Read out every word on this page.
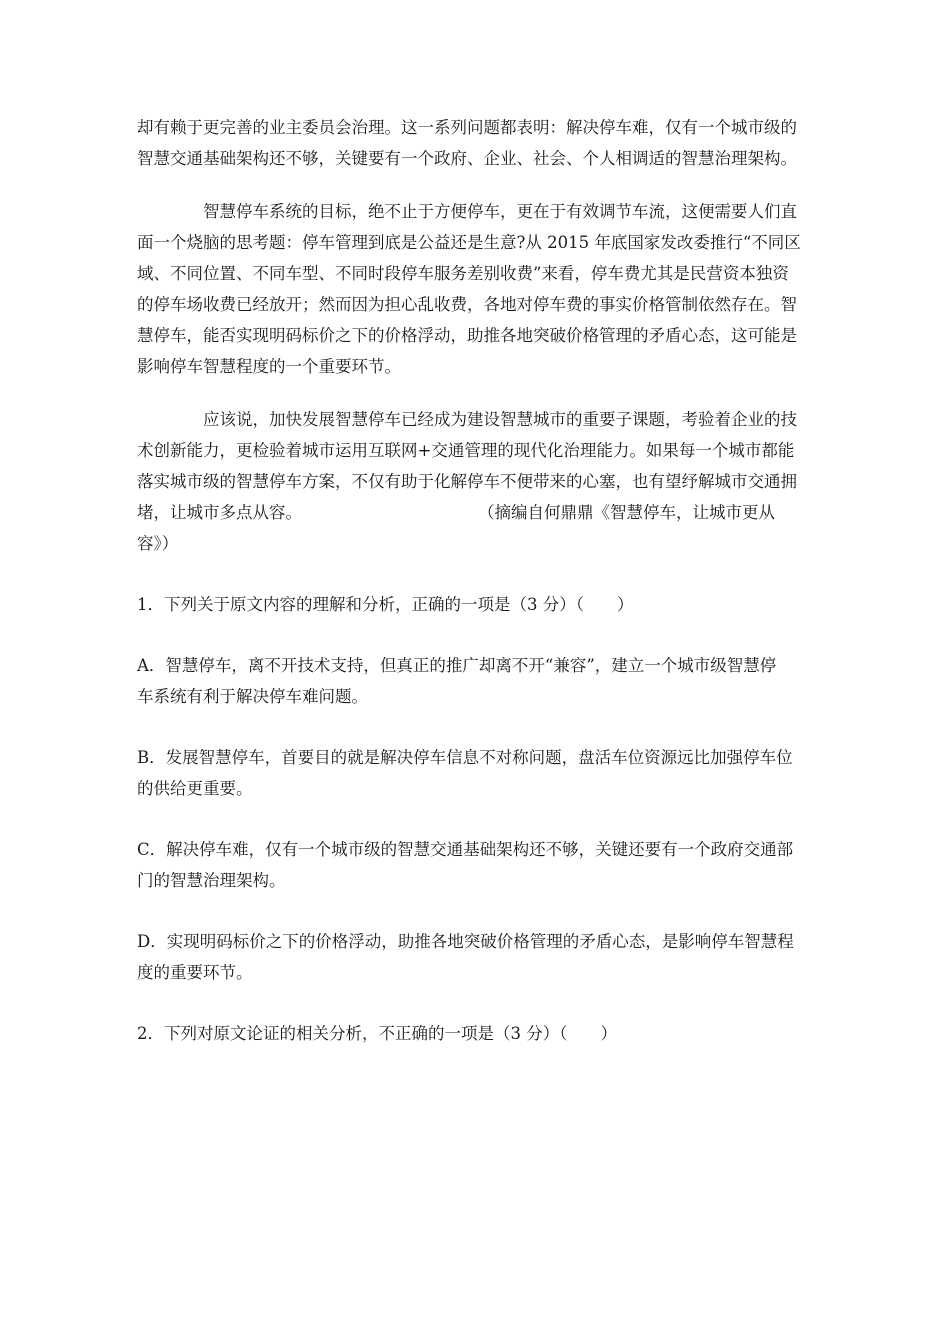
却有赖于更完善的业主委员会治理。这一系列问题都表明：解决停车难，仅有一个城市级的

智慧交通基础架构还不够，关键要有一个政府、企业、社会、个人相调适的智慧治理架构。

智慧停车系统的目标，绝不止于方便停车，更在于有效调节车流，这便需要人们直

面一个烧脑的思考题：停车管理到底是公益还是生意?从 2015 年底国家发改委推行“不同区

域、不同位置、不同车型、不同时段停车服务差别收费”来看，停车费尤其是民营资本独资

的停车场收费已经放开；然而因为担心乱收费，各地对停车费的事实价格管制依然存在。智

慧停车，能否实现明码标价之下的价格浮动，助推各地突破价格管理的矛盾心态，这可能是

影响停车智慧程度的一个重要环节。

应该说，加快发展智慧停车已经成为建设智慧城市的重要子课题，考验着企业的技

术创新能力，更检验着城市运用互联网+交通管理的现代化治理能力。如果每一个城市都能

落实城市级的智慧停车方案，不仅有助于化解停车不便带来的心塞，也有望纾解城市交通拥

堵，让城市多点从容。	（摘编自何鼎鼎《智慧停车，让城市更从

容》）

1．下列关于原文内容的理解和分析，正确的一项是（3 分）（　　）

A．智慧停车，离不开技术支持，但真正的推广却离不开“兼容”，建立一个城市级智慧停

车系统有利于解决停车难问题。

B．发展智慧停车，首要目的就是解决停车信息不对称问题，盘活车位资源远比加强停车位

的供给更重要。

C．解决停车难，仅有一个城市级的智慧交通基础架构还不够，关键还要有一个政府交通部

门的智慧治理架构。

D．实现明码标价之下的价格浮动，助推各地突破价格管理的矛盾心态，是影响停车智慧程

度的重要环节。

2．下列对原文论证的相关分析，不正确的一项是（3 分）（　　）
